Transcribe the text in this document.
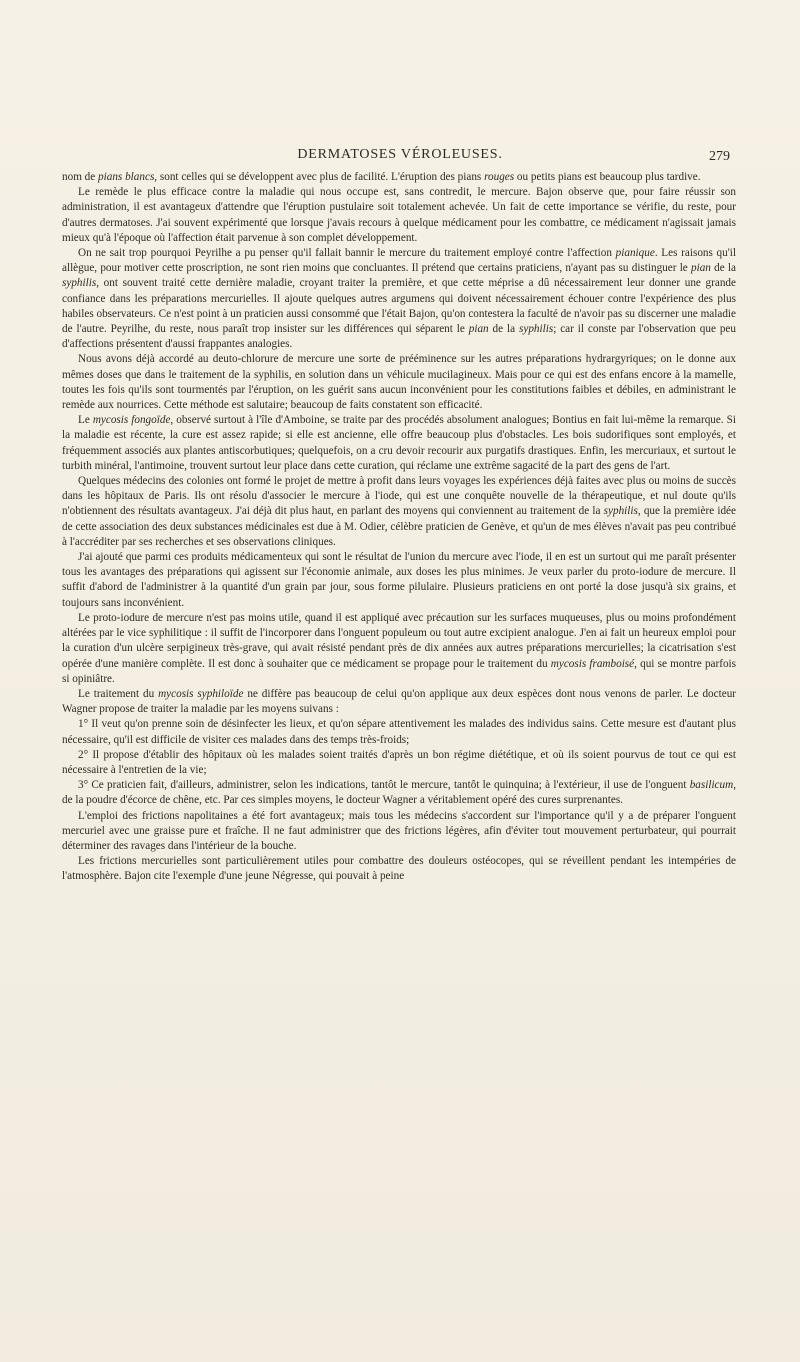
DERMATOSES VÉROLEUSES.	279

nom de pians blancs, sont celles qui se développent avec plus de facilité. L'éruption des pians rouges ou petits pians est beaucoup plus tardive.

Le remède le plus efficace contre la maladie qui nous occupe est, sans contredit, le mercure. Bajon observe que, pour faire réussir son administration, il est avantageux d'attendre que l'éruption pustulaire soit totalement achevée. Un fait de cette importance se vérifie, du reste, pour d'autres dermatoses. J'ai souvent expérimenté que lorsque j'avais recours à quelque médicament pour les combattre, ce médicament n'agissait jamais mieux qu'à l'époque où l'affection était parvenue à son complet développement.

On ne sait trop pourquoi Peyrilhe a pu penser qu'il fallait bannir le mercure du traitement employé contre l'affection pianique. Les raisons qu'il allègue, pour motiver cette proscription, ne sont rien moins que concluantes. Il prétend que certains praticiens, n'ayant pas su distinguer le pian de la syphilis, ont souvent traité cette dernière maladie, croyant traiter la première, et que cette méprise a dû nécessairement leur donner une grande confiance dans les préparations mercurielles. Il ajoute quelques autres argumens qui doivent nécessairement échouer contre l'expérience des plus habiles observateurs. Ce n'est point à un praticien aussi consommé que l'était Bajon, qu'on contestera la faculté de n'avoir pas su discerner une maladie de l'autre. Peyrilhe, du reste, nous paraît trop insister sur les différences qui séparent le pian de la syphilis; car il conste par l'observation que peu d'affections présentent d'aussi frappantes analogies.

Nous avons déjà accordé au deuto-chlorure de mercure une sorte de prééminence sur les autres préparations hydrargyriques; on le donne aux mêmes doses que dans le traitement de la syphilis, en solution dans un véhicule mucilagineux. Mais pour ce qui est des enfans encore à la mamelle, toutes les fois qu'ils sont tourmentés par l'éruption, on les guérit sans aucun inconvénient pour les constitutions faibles et débiles, en administrant le remède aux nourrices. Cette méthode est salutaire; beaucoup de faits constatent son efficacité.

Le mycosis fongoïde, observé surtout à l'île d'Amboine, se traite par des procédés absolument analogues; Bontius en fait lui-même la remarque. Si la maladie est récente, la cure est assez rapide; si elle est ancienne, elle offre beaucoup plus d'obstacles. Les bois sudorifiques sont employés, et fréquemment associés aux plantes antiscorbutiques; quelquefois, on a cru devoir recourir aux purgatifs drastiques. Enfin, les mercuriaux, et surtout le turbith minéral, l'antimoine, trouvent surtout leur place dans cette curation, qui réclame une extrême sagacité de la part des gens de l'art.

Quelques médecins des colonies ont formé le projet de mettre à profit dans leurs voyages les expériences déjà faites avec plus ou moins de succès dans les hôpitaux de Paris. Ils ont résolu d'associer le mercure à l'iode, qui est une conquête nouvelle de la thérapeutique, et nul doute qu'ils n'obtiennent des résultats avantageux. J'ai déjà dit plus haut, en parlant des moyens qui conviennent au traitement de la syphilis, que la première idée de cette association des deux substances médicinales est due à M. Odier, célèbre praticien de Genève, et qu'un de mes élèves n'avait pas peu contribué à l'accréditer par ses recherches et ses observations cliniques.

J'ai ajouté que parmi ces produits médicamenteux qui sont le résultat de l'union du mercure avec l'iode, il en est un surtout qui me paraît présenter tous les avantages des préparations qui agissent sur l'économie animale, aux doses les plus minimes. Je veux parler du proto-iodure de mercure. Il suffit d'abord de l'administrer à la quantité d'un grain par jour, sous forme pilulaire. Plusieurs praticiens en ont porté la dose jusqu'à six grains, et toujours sans inconvénient.

Le proto-iodure de mercure n'est pas moins utile, quand il est appliqué avec précaution sur les surfaces muqueuses, plus ou moins profondément altérées par le vice syphilitique : il suffit de l'incorporer dans l'onguent populeum ou tout autre excipient analogue. J'en ai fait un heureux emploi pour la curation d'un ulcère serpigineux très-grave, qui avait résisté pendant près de dix années aux autres préparations mercurielles; la cicatrisation s'est opérée d'une manière complète. Il est donc à souhaiter que ce médicament se propage pour le traitement du mycosis framboisé, qui se montre parfois si opiniâtre.

Le traitement du mycosis syphiloïde ne diffère pas beaucoup de celui qu'on applique aux deux espèces dont nous venons de parler. Le docteur Wagner propose de traiter la maladie par les moyens suivans :

1° Il veut qu'on prenne soin de désinfecter les lieux, et qu'on sépare attentivement les malades des individus sains. Cette mesure est d'autant plus nécessaire, qu'il est difficile de visiter ces malades dans des temps très-froids;

2° Il propose d'établir des hôpitaux où les malades soient traités d'après un bon régime diététique, et où ils soient pourvus de tout ce qui est nécessaire à l'entretien de la vie;

3° Ce praticien fait, d'ailleurs, administrer, selon les indications, tantôt le mercure, tantôt le quinquina; à l'extérieur, il use de l'onguent basilicum, de la poudre d'écorce de chêne, etc. Par ces simples moyens, le docteur Wagner a véritablement opéré des cures surprenantes.

L'emploi des frictions napolitaines a été fort avantageux; mais tous les médecins s'accordent sur l'importance qu'il y a de préparer l'onguent mercuriel avec une graisse pure et fraîche. Il ne faut administrer que des frictions légères, afin d'éviter tout mouvement perturbateur, qui pourrait déterminer des ravages dans l'intérieur de la bouche.

Les frictions mercurielles sont particulièrement utiles pour combattre des douleurs ostéocopes, qui se réveillent pendant les intempéries de l'atmosphère. Bajon cite l'exemple d'une jeune Négresse, qui pouvait à peine
